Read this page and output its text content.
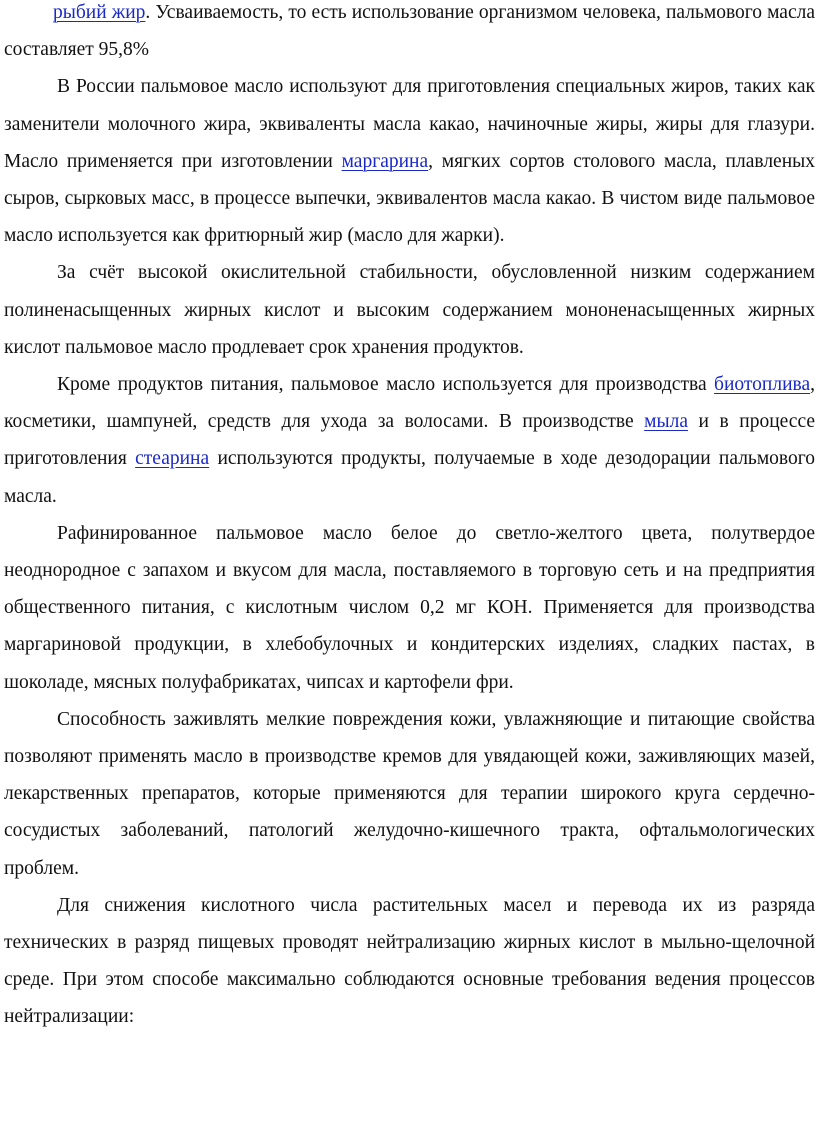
рыбий жир. Усваиваемость, то есть использование организмом человека, пальмового масла составляет 95,8%

В России пальмовое масло используют для приготовления специальных жиров, таких как заменители молочного жира, эквиваленты масла какао, начиночные жиры, жиры для глазури. Масло применяется при изготовлении маргарина, мягких сортов столового масла, плавленых сыров, сырковых масс, в процессе выпечки, эквивалентов масла какао. В чистом виде пальмовое масло используется как фритюрный жир (масло для жарки).

За счёт высокой окислительной стабильности, обусловленной низким содержанием полиненасыщенных жирных кислот и высоким содержанием мононенасыщенных жирных кислот пальмовое масло продлевает срок хранения продуктов.

Кроме продуктов питания, пальмовое масло используется для производства биотоплива, косметики, шампуней, средств для ухода за волосами. В производстве мыла и в процессе приготовления стеарина используются продукты, получаемые в ходе дезодорации пальмового масла.

Рафинированное пальмовое масло белое до светло-желтого цвета, полутвердое неоднородное с запахом и вкусом для масла, поставляемого в торговую сеть и на предприятия общественного питания, с кислотным числом 0,2 мг КОН. Применяется для производства маргариновой продукции, в хлебобулочных и кондитерских изделиях, сладких пастах, в шоколаде, мясных полуфабрикатах, чипсах и картофели фри.

Способность заживлять мелкие повреждения кожи, увлажняющие и питающие свойства позволяют применять масло в производстве кремов для увядающей кожи, заживляющих мазей, лекарственных препаратов, которые применяются для терапии широкого круга сердечно-сосудистых заболеваний, патологий желудочно-кишечного тракта, офтальмологических проблем.

Для снижения кислотного числа растительных масел и перевода их из разряда технических в разряд пищевых проводят нейтрализацию жирных кислот в мыльно-щелочной среде. При этом способе максимально соблюдаются основные требования ведения процессов нейтрализации:
